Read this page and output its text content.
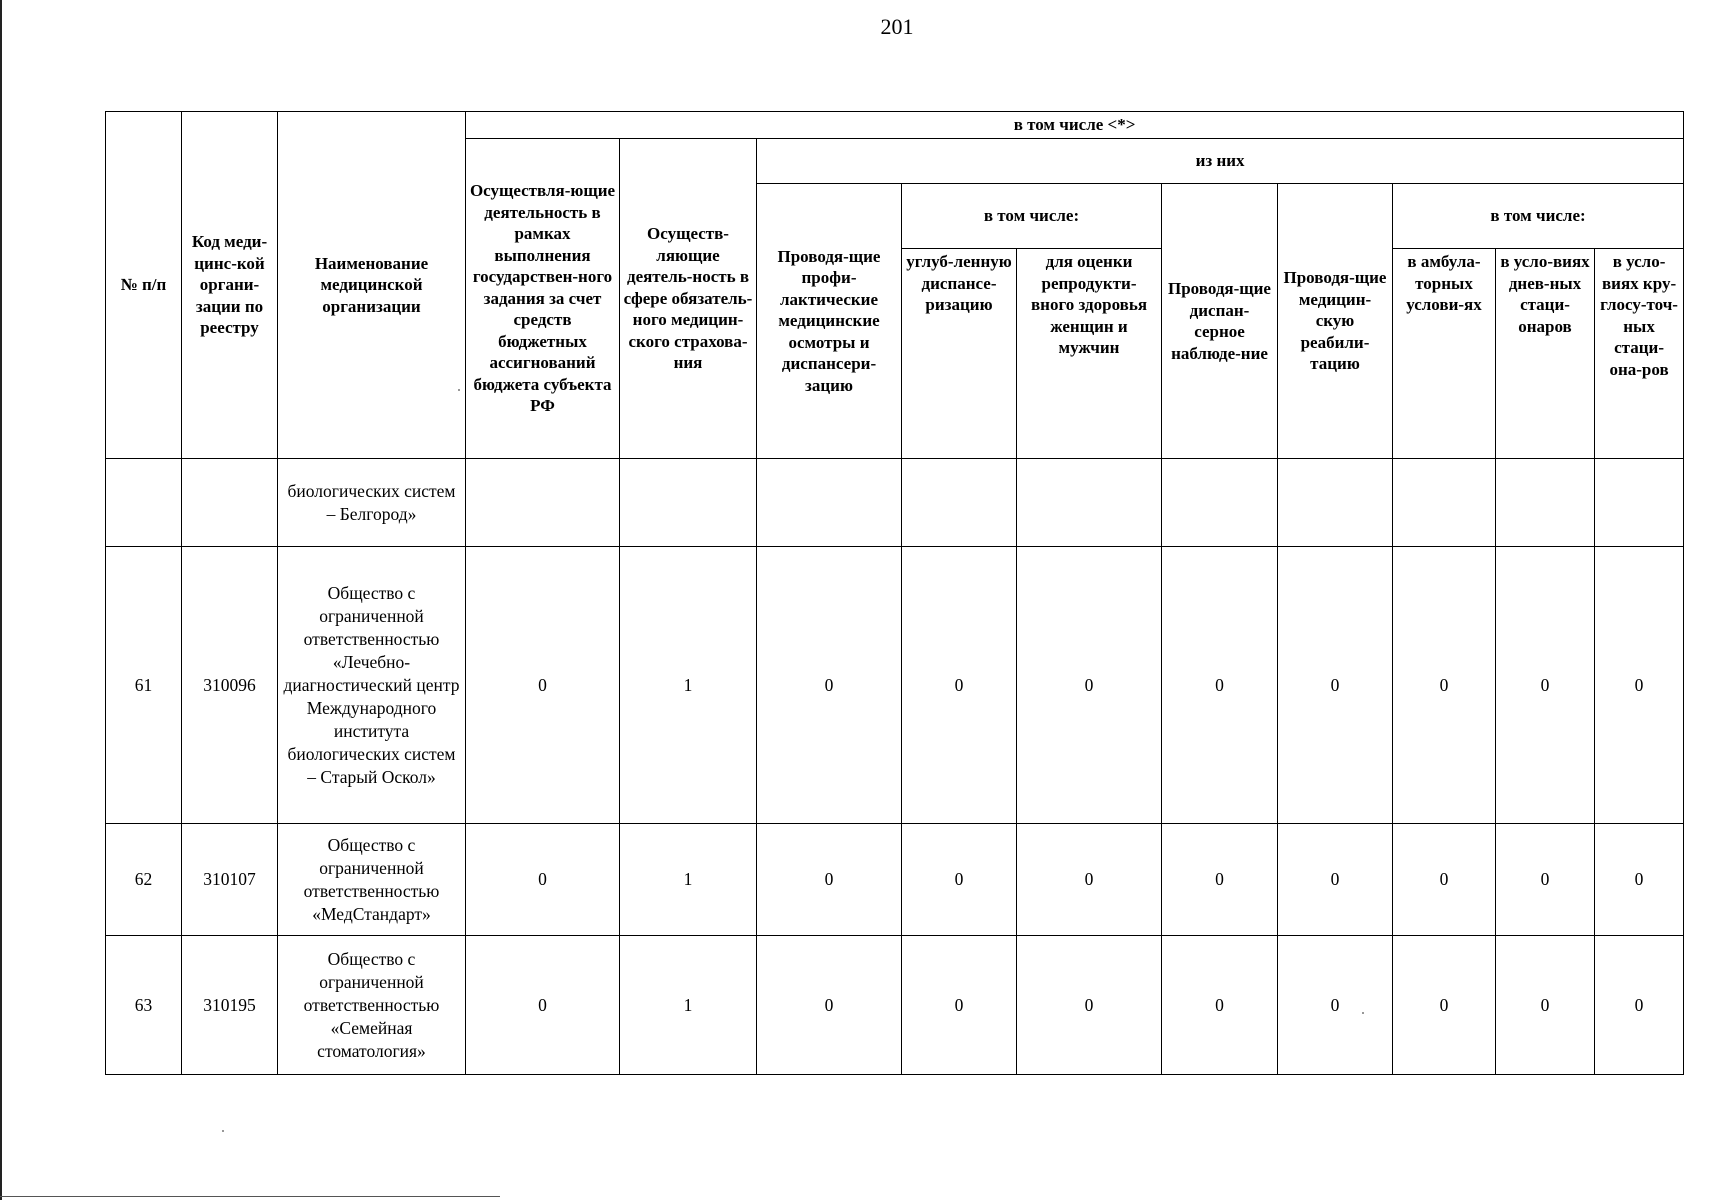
201
№ п/п	Код меди-цинс-кой органи-зации по реестру	Наименование медицинской организации	в том числе <*>									
			Осуществля-ющие деятельность в рамках выполнения государствен-ного задания за счет средств бюджетных ассигнований бюджета субъекта РФ	Осуществ-ляющие деятель-ность в сфере обязатель-ного медицин-ского страхова-ния	из них							
					Проводя-щие профи-лактические медицинские осмотры и диспансери-зацию	в том числе:		Проводя-щие диспан-серное наблюде-ние	Проводя-щие медицин-скую реабили-тацию	в том числе:		
						углуб-ленную диспансе-ризацию	для оценки репродукти-вного здоровья женщин и мужчин			в амбула-торных услови-ях	в усло-виях днев-ных стаци-онаров	в усло-виях кру-глосу-точ-ных стаци-она-ров
		биологических систем – Белгород»										
61	310096	Общество с ограниченной ответственностью «Лечебно-диагностический центр Международного института биологических систем – Старый Оскол»	0	1	0	0	0	0	0	0	0	0
62	310107	Общество с ограниченной ответственностью «МедСтандарт»	0	1	0	0	0	0	0	0	0	0
63	310195	Общество с ограниченной ответственностью «Семейная стоматология»	0	1	0	0	0	0	0	0	0	0
